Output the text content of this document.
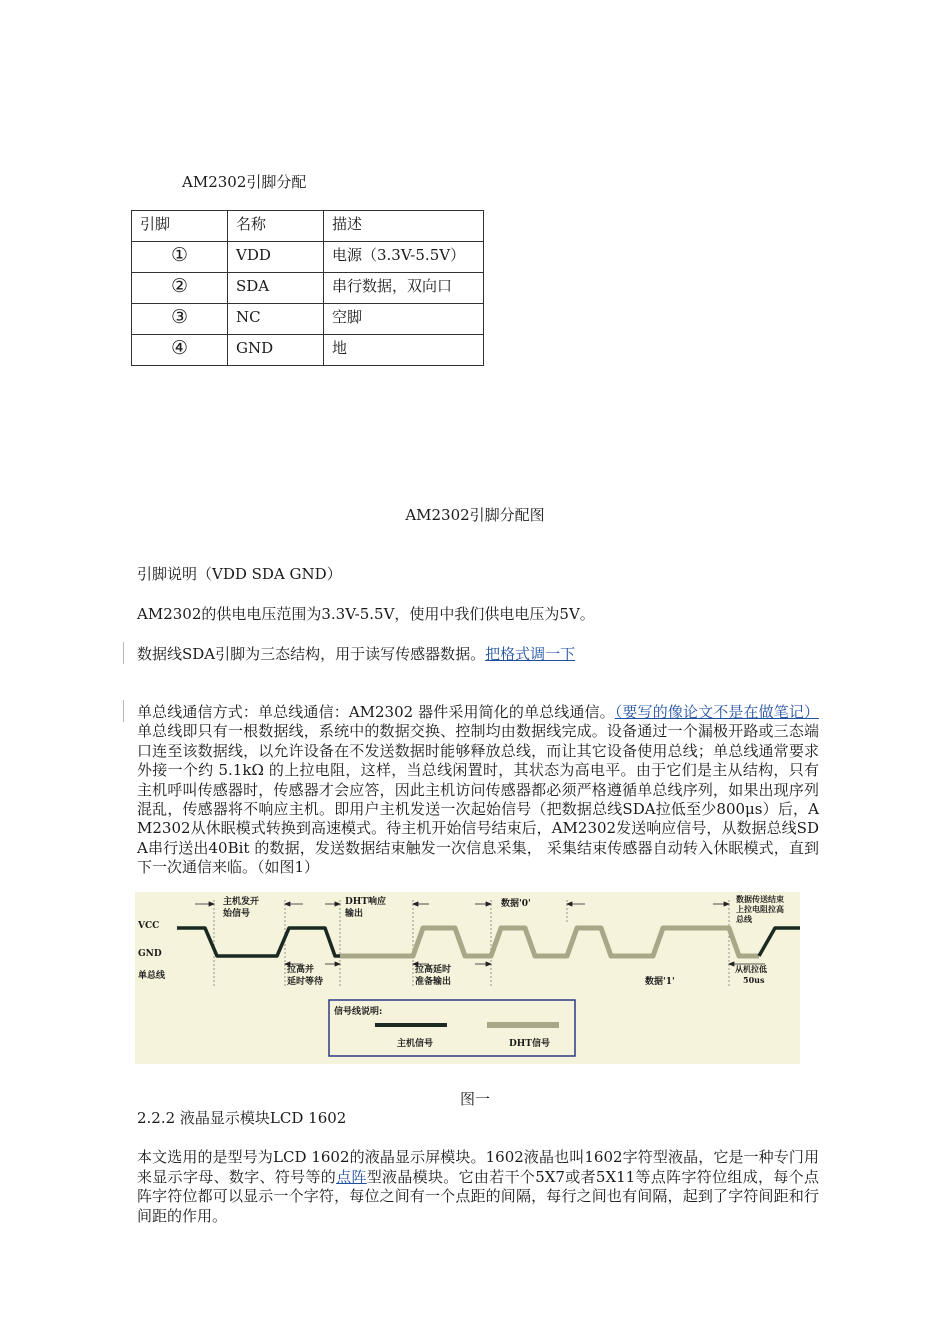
AM2302引脚分配
引脚	名称	描述
①	VDD	电源（3.3V-5.5V）
②	SDA	串行数据，双向口
③	NC	空脚
④	GND	地
AM2302引脚分配图
引脚说明（VDD SDA GND）
AM2302的供电电压范围为3.3V-5.5V，使用中我们供电电压为5V。
数据线SDA引脚为三态结构，用于读写传感器数据。把格式调一下
单总线通信方式：单总线通信：AM2302 器件采用简化的单总线通信。（要写的像论文不是在做笔记）单总线即只有一根数据线，系统中的数据交换、控制均由数据线完成。设备通过一个漏极开路或三态端口连至该数据线，以允许设备在不发送数据时能够释放总线，而让其它设备使用总线；单总线通常要求外接一个约 5.1kΩ 的上拉电阻，这样，当总线闲置时，其状态为高电平。由于它们是主从结构，只有主机呼叫传感器时，传感器才会应答，因此主机访问传感器都必须严格遵循单总线序列，如果出现序列混乱，传感器将不响应主机。即用户主机发送一次起始信号（把数据总线SDA拉低至少800μs）后，AM2302从休眠模式转换到高速模式。待主机开始信号结束后，AM2302发送响应信号，从数据总线SDA串行送出40Bit 的数据，发送数据结束触发一次信息采集， 采集结束传感器自动转入休眠模式，直到下一次通信来临。（如图1）
VCC
GND
单总线
主机发开
始信号
DHT响应
输出
数据'0'	数据传送结束
上拉电阻拉高
总线
拉高并
延时等待
拉高延时
准备输出	数据'1'
从机拉低
50us
信号线说明:
主机信号	DHT信号
图一
2.2.2 液晶显示模块LCD 1602
本文选用的是型号为LCD 1602的液晶显示屏模块。1602液晶也叫1602字符型液晶，它是一种专门用来显示字母、数字、符号等的点阵型液晶模块。它由若干个5X7或者5X11等点阵字符位组成，每个点阵字符位都可以显示一个字符，每位之间有一个点距的间隔，每行之间也有间隔，起到了字符间距和行间距的作用。
